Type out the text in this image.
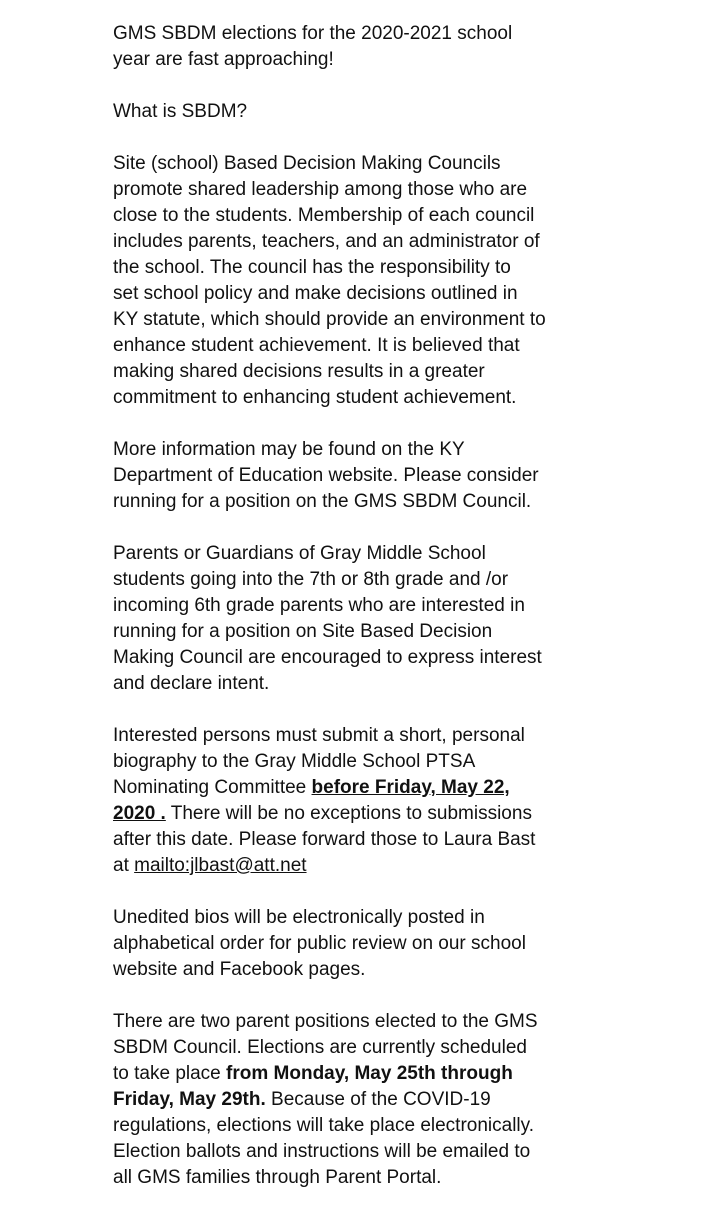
GMS SBDM elections for the 2020-2021 school
year are fast approaching!

What is SBDM?

Site (school) Based Decision Making Councils
promote shared leadership among those who are
close to the students. Membership of each council
includes parents, teachers, and an administrator of
the school. The council has the responsibility to
set school policy and make decisions outlined in
KY statute, which should provide an environment to
enhance student achievement. It is believed that
making shared decisions results in a greater
commitment to enhancing student achievement.

More information may be found on the KY
Department of Education website. Please consider
running for a position on the GMS SBDM Council.

Parents or Guardians of Gray Middle School
students going into the 7th or 8th grade and /or
incoming 6th grade parents who are interested in
running for a position on Site Based Decision
Making Council are encouraged to express interest
and declare intent.

Interested persons must submit a short, personal
biography to the Gray Middle School PTSA
Nominating Committee before Friday, May 22,
2020 . There will be no exceptions to submissions
after this date. Please forward those to Laura Bast
at mailto:jlbast@att.net

Unedited bios will be electronically posted in
alphabetical order for public review on our school
website and Facebook pages.

There are two parent positions elected to the GMS
SBDM Council. Elections are currently scheduled
to take place from Monday, May 25th through
Friday, May 29th. Because of the COVID-19
regulations, elections will take place electronically.
Election ballots and instructions will be emailed to
all GMS families through Parent Portal.
